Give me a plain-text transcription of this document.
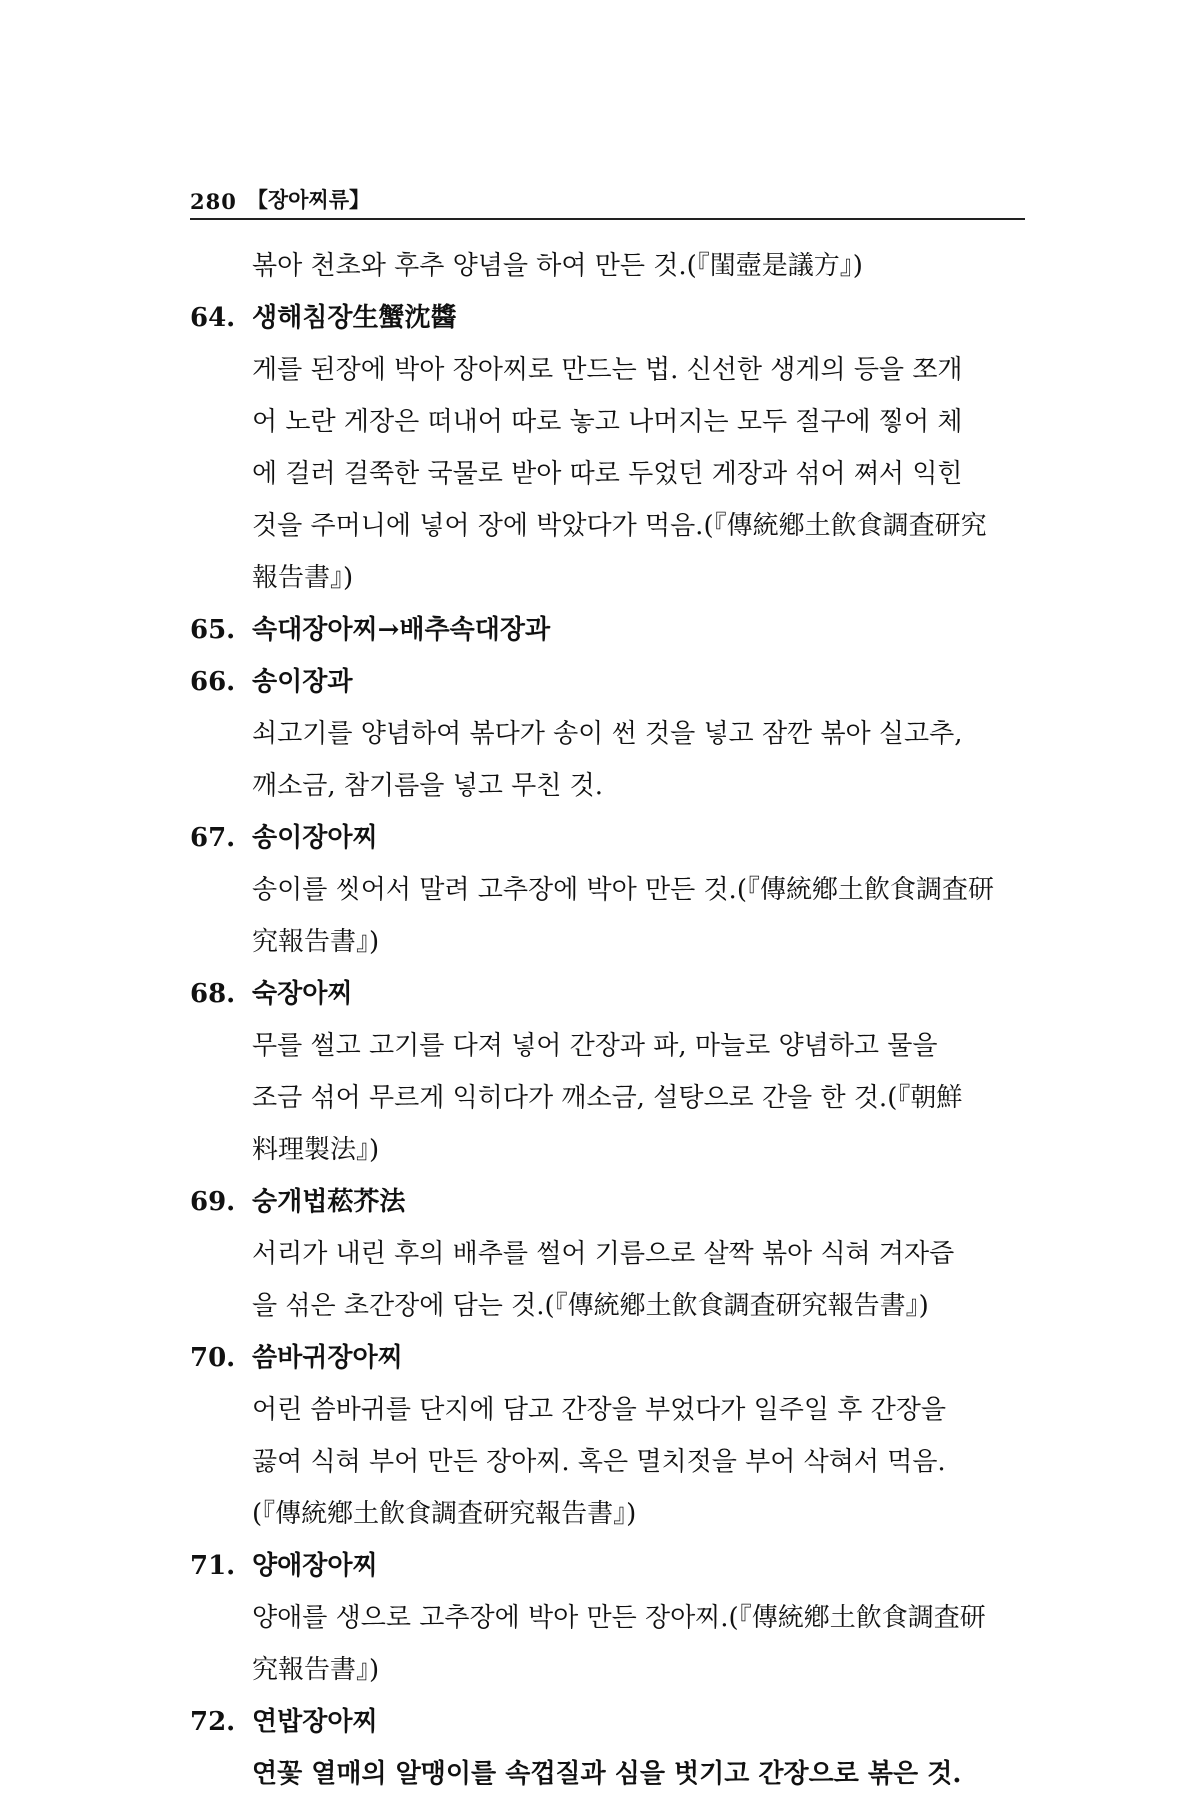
280 【장아찌류】
볶아 천초와 후추 양념을 하여 만든 것.(『閨壼是議方』)
64. 생해침장生蟹沈醬
게를 된장에 박아 장아찌로 만드는 법. 신선한 생게의 등을 쪼개
어 노란 게장은 떠내어 따로 놓고 나머지는 모두 절구에 찧어 체
에 걸러 걸쭉한 국물로 받아 따로 두었던 게장과 섞어 쪄서 익힌
것을 주머니에 넣어 장에 박았다가 먹음.(『傳統鄕土飮食調査研究
報告書』)
65. 속대장아찌→배추속대장과
66. 송이장과
쇠고기를 양념하여 볶다가 송이 썬 것을 넣고 잠깐 볶아 실고추,
깨소금, 참기름을 넣고 무친 것.
67. 송이장아찌
송이를 씻어서 말려 고추장에 박아 만든 것.(『傳統鄕土飮食調査研
究報告書』)
68. 숙장아찌
무를 썰고 고기를 다져 넣어 간장과 파, 마늘로 양념하고 물을
조금 섞어 무르게 익히다가 깨소금, 설탕으로 간을 한 것.(『朝鮮
料理製法』)
69. 숭개법菘芥法
서리가 내린 후의 배추를 썰어 기름으로 살짝 볶아 식혀 겨자즙
을 섞은 초간장에 담는 것.(『傳統鄕土飮食調査研究報告書』)
70. 씀바귀장아찌
어린 씀바귀를 단지에 담고 간장을 부었다가 일주일 후 간장을
끓여 식혀 부어 만든 장아찌. 혹은 멸치젓을 부어 삭혀서 먹음.
(『傳統鄕土飮食調査研究報告書』)
71. 양애장아찌
양애를 생으로 고추장에 박아 만든 장아찌.(『傳統鄕土飮食調査研
究報告書』)
72. 연밥장아찌
연꽃 열매의 알맹이를 속껍질과 심을 벗기고 간장으로 볶은 것.
